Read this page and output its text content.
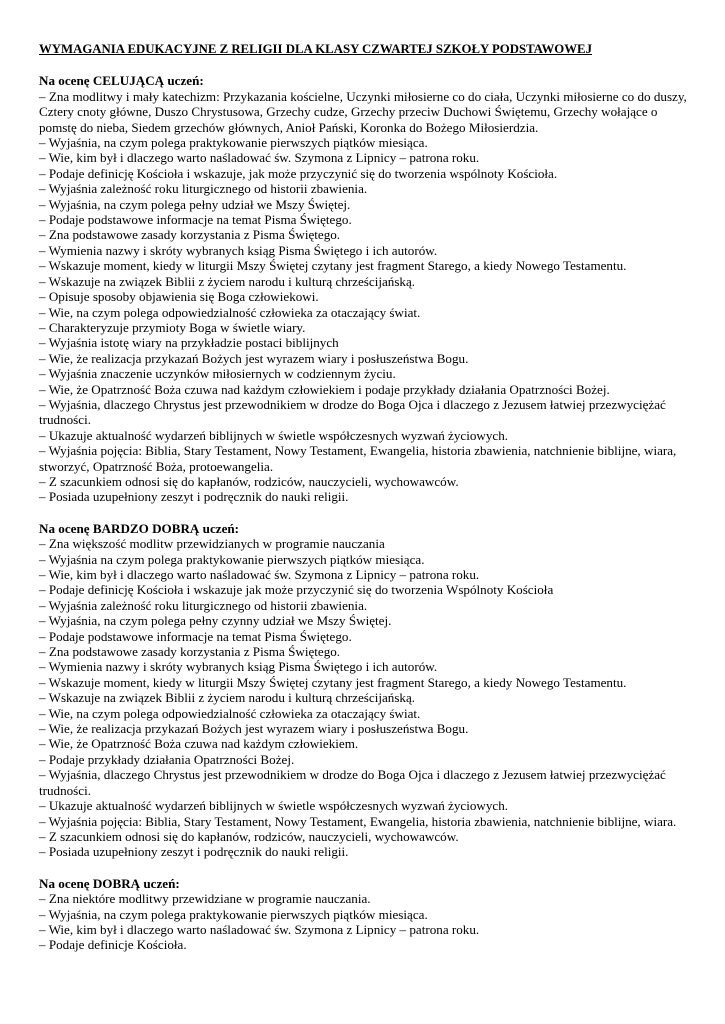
WYMAGANIA EDUKACYJNE Z RELIGII DLA KLASY CZWARTEJ SZKOŁY PODSTAWOWEJ
Na ocenę CELUJĄCĄ uczeń:
– Zna modlitwy i mały katechizm: Przykazania kościelne, Uczynki miłosierne co do ciała, Uczynki miłosierne co do duszy, Cztery cnoty główne, Duszo Chrystusowa, Grzechy cudze, Grzechy przeciw Duchowi Świętemu, Grzechy wołające o pomstę do nieba, Siedem grzechów głównych, Anioł Pański, Koronka do Bożego Miłosierdzia.
– Wyjaśnia, na czym polega praktykowanie pierwszych piątków miesiąca.
– Wie, kim był i dlaczego warto naśladować św. Szymona z Lipnicy – patrona roku.
– Podaje definicję Kościoła i wskazuje, jak może przyczynić się do tworzenia wspólnoty Kościoła.
– Wyjaśnia zależność roku liturgicznego od historii zbawienia.
– Wyjaśnia, na czym polega pełny udział we Mszy Świętej.
– Podaje podstawowe informacje na temat Pisma Świętego.
– Zna podstawowe zasady korzystania z Pisma Świętego.
– Wymienia nazwy i skróty wybranych ksiąg Pisma Świętego i ich autorów.
– Wskazuje moment, kiedy w liturgii Mszy Świętej czytany jest fragment Starego, a kiedy Nowego Testamentu.
– Wskazuje na związek Biblii z życiem narodu i kulturą chrześcijańską.
– Opisuje sposoby objawienia się Boga człowiekowi.
– Wie, na czym polega odpowiedzialność człowieka za otaczający świat.
– Charakteryzuje przymioty Boga w świetle wiary.
– Wyjaśnia istotę wiary na przykładzie postaci biblijnych
– Wie, że realizacja przykazań Bożych jest wyrazem wiary i posłuszeństwa Bogu.
– Wyjaśnia znaczenie uczynków miłosiernych w codziennym życiu.
– Wie, że Opatrzność Boża czuwa nad każdym człowiekiem i podaje przykłady działania Opatrzności Bożej.
– Wyjaśnia, dlaczego Chrystus jest przewodnikiem w drodze do Boga Ojca i dlaczego z Jezusem łatwiej przezwyciężać trudności.
– Ukazuje aktualność wydarzeń biblijnych w świetle współczesnych wyzwań życiowych.
– Wyjaśnia pojęcia: Biblia, Stary Testament, Nowy Testament, Ewangelia, historia zbawienia, natchnienie biblijne, wiara, stworzyć, Opatrzność Boża, protoewangelia.
– Z szacunkiem odnosi się do kapłanów, rodziców, nauczycieli, wychowawców.
– Posiada uzupełniony zeszyt i podręcznik do nauki religii.
Na ocenę BARDZO DOBRĄ uczeń:
– Zna większość modlitw przewidzianych w programie nauczania
– Wyjaśnia na czym polega praktykowanie pierwszych piątków miesiąca.
– Wie, kim był i dlaczego warto naśladować św. Szymona z Lipnicy – patrona roku.
– Podaje definicję Kościoła i wskazuje jak może przyczynić się do tworzenia Wspólnoty Kościoła
– Wyjaśnia zależność roku liturgicznego od historii zbawienia.
– Wyjaśnia, na czym polega pełny czynny udział we Mszy Świętej.
– Podaje podstawowe informacje na temat Pisma Świętego.
– Zna podstawowe zasady korzystania z Pisma Świętego.
– Wymienia nazwy i skróty wybranych ksiąg Pisma Świętego i ich autorów.
– Wskazuje moment, kiedy w liturgii Mszy Świętej czytany jest fragment Starego, a kiedy Nowego Testamentu.
– Wskazuje na związek Biblii z życiem narodu i kulturą chrześcijańską.
– Wie, na czym polega odpowiedzialność człowieka za otaczający świat.
– Wie, że realizacja przykazań Bożych jest wyrazem wiary i posłuszeństwa Bogu.
– Wie, że Opatrzność Boża czuwa nad każdym człowiekiem.
– Podaje przykłady działania Opatrzności Bożej.
– Wyjaśnia, dlaczego Chrystus jest przewodnikiem w drodze do Boga Ojca i dlaczego z Jezusem łatwiej przezwyciężać trudności.
– Ukazuje aktualność wydarzeń biblijnych w świetle współczesnych wyzwań życiowych.
– Wyjaśnia pojęcia: Biblia, Stary Testament, Nowy Testament, Ewangelia, historia zbawienia, natchnienie biblijne, wiara.
– Z szacunkiem odnosi się do kapłanów, rodziców, nauczycieli, wychowawców.
– Posiada uzupełniony zeszyt i podręcznik do nauki religii.
Na ocenę DOBRĄ uczeń:
– Zna niektóre modlitwy przewidziane w programie nauczania.
– Wyjaśnia, na czym polega praktykowanie pierwszych piątków miesiąca.
– Wie, kim był i dlaczego warto naśladować św. Szymona z Lipnicy – patrona roku.
– Podaje definicje Kościoła.
